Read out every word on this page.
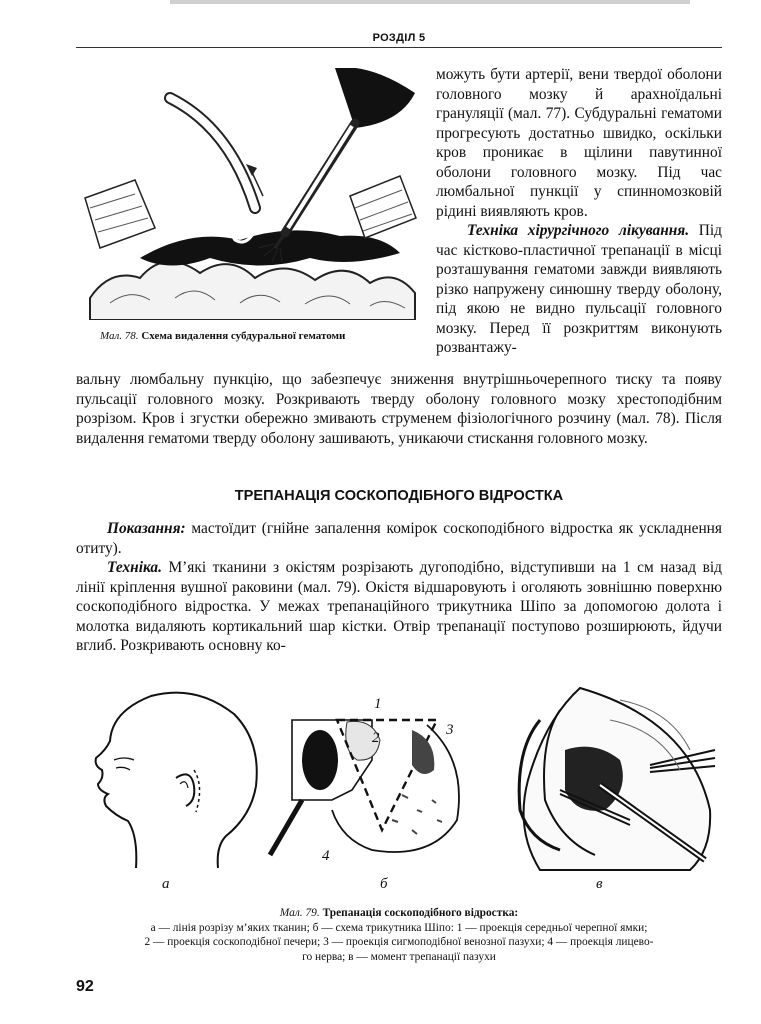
РОЗДІЛ 5
Мал. 78. Схема видалення субдуральної гематоми

можуть бути артерії, вени твердої оболони головного мозку й арахноїдальні грануляції (мал. 77). Субдуральні гематоми прогресують достатньо швидко, оскільки кров проникає в щілини павутинної оболони головного мозку. Під час люмбальної пункції у спинномозковій рідині виявляють кров.

Техніка хірургічного лікування. Під час кістково-пластичної трепанації в місці розташування гематоми завжди виявляють різко напружену синюшну тверду оболону, під якою не видно пульсації головного мозку. Перед її розкриттям виконують розвантажу-

вальну люмбальну пункцію, що забезпечує зниження внутрішньочерепного тиску та появу пульсації головного мозку. Розкривають тверду оболону головного мозку хрестоподібним розрізом. Кров і згустки обережно змивають струменем фізіологічного розчину (мал. 78). Після видалення гематоми тверду оболону зашивають, уникаючи стискання головного мозку.
ТРЕПАНАЦІЯ СОСКОПОДІБНОГО ВІДРОСТКА

Показання: мастоїдит (гнійне запалення комірок соскоподібного відростка як ускладнення отиту).

Техніка. М’які тканини з окістям розрізають дугоподібно, відступивши на 1 см назад від лінії кріплення вушної раковини (мал. 79). Окістя відшаровують і оголяють зовнішню поверхню соскоподібного відростка. У межах трепанаційного трикутника Шіпо за допомогою долота і молотка видаляють кортикальний шар кістки. Отвір трепанації поступово розширюють, йдучи вглиб. Розкривають основну ко-

1
2	3
4
а	б	в
Мал. 79. Трепанація соскоподібного відростка:
а — лінія розрізу м’яких тканин; б — схема трикутника Шіпо: 1 — проекція середньої черепної ямки;
2 — проекція соскоподібної печери; 3 — проекція сигмоподібної венозної пазухи; 4 — проекція лицево-
го нерва; в — момент трепанації пазухи
92
